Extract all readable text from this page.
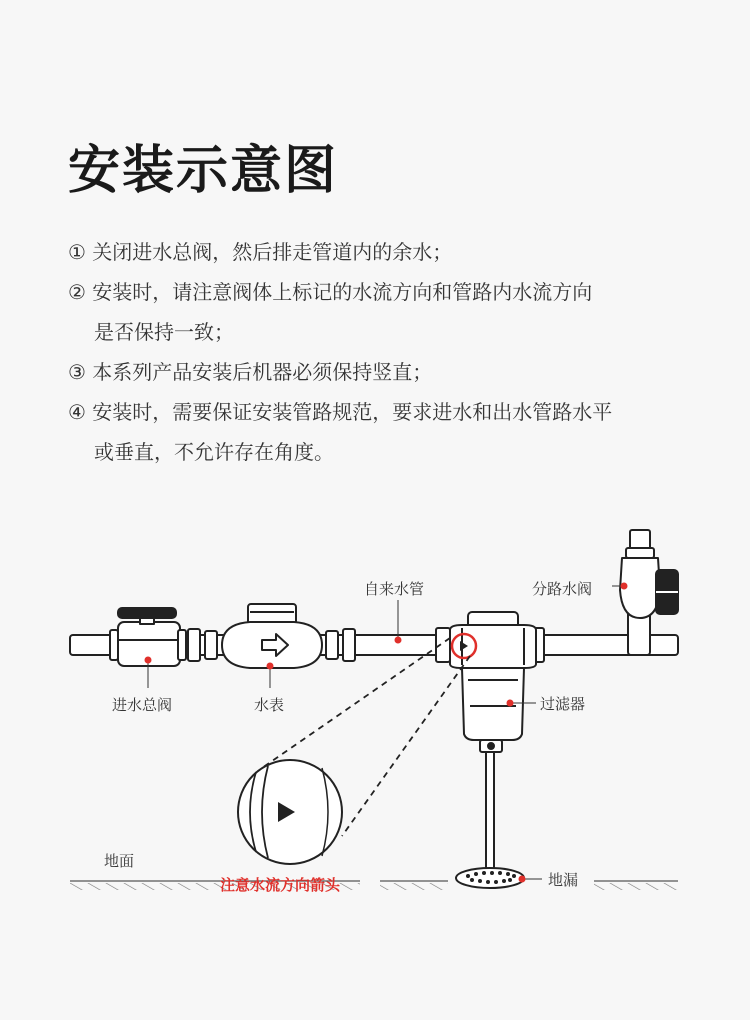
安装示意图
① 关闭进水总阀，然后排走管道内的余水；
② 安装时，请注意阀体上标记的水流方向和管路内水流方向
是否保持一致；
③ 本系列产品安装后机器必须保持竖直；
④ 安装时，需要保证安装管路规范，要求进水和出水管路水平
或垂直，不允许存在角度。
自来水管	分路水阀
进水总阀	水表	过滤器
地面
注意水流方向箭头	地漏
